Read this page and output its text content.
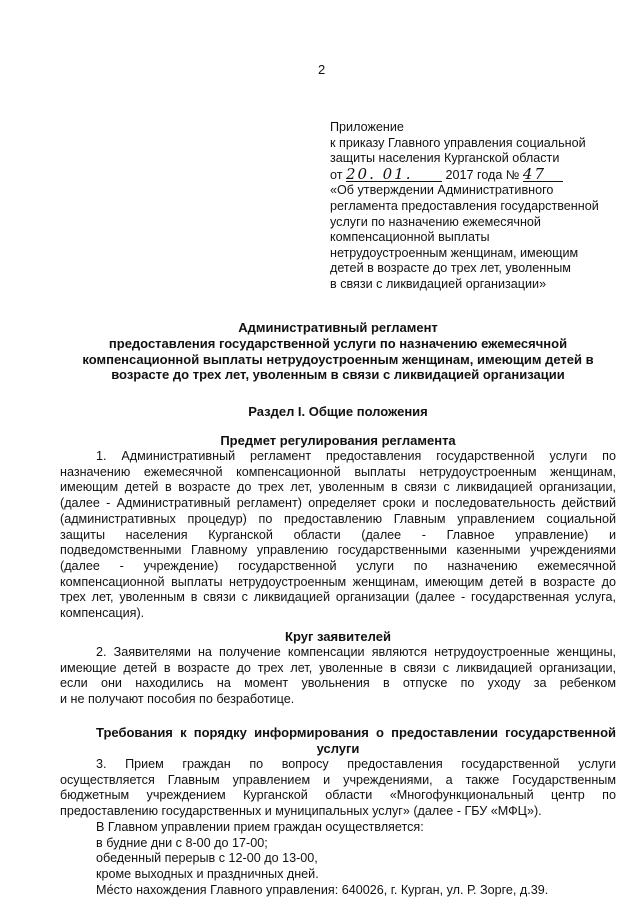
2
Приложение
к приказу Главного управления социальной
защиты населения Курганской области
от 20. 01.	2017 года № 47
«Об утверждении Административного
регламента предоставления государственной
услуги по назначению ежемесячной
компенсационной выплаты
нетрудоустроенным женщинам, имеющим
детей в возрасте до трех лет, уволенным
в связи с ликвидацией организации»
Административный регламент
предоставления государственной услуги по назначению ежемесячной
компенсационной выплаты нетрудоустроенным женщинам, имеющим детей в
возрасте до трех лет, уволенным в связи с ликвидацией организации
Раздел I. Общие положения
Предмет регулирования регламента
1. Административный регламент предоставления государственной услуги по
назначению ежемесячной компенсационной выплаты нетрудоустроенным женщинам,
имеющим детей в возрасте до трех лет, уволенным в связи с ликвидацией организации,
(далее - Административный регламент) определяет сроки и последовательность действий
(административных процедур) по предоставлению Главным управлением социальной
защиты населения Курганской области (далее - Главное управление) и
подведомственными Главному управлению государственными казенными учреждениями
(далее - учреждение) государственной услуги по назначению ежемесячной
компенсационной выплаты нетрудоустроенным женщинам, имеющим детей в возрасте до
трех лет, уволенным в связи с ликвидацией организации (далее - государственная услуга,
компенсация).
Круг заявителей
2. Заявителями на получение компенсации являются нетрудоустроенные женщины,
имеющие детей в возрасте до трех лет, уволенные в связи с ликвидацией организации,
если они находились на момент увольнения в отпуске по уходу за ребенком
и не получают пособия по безработице.
Требования к порядку информирования о предоставлении государственной
услуги
3. Прием граждан по вопросу предоставления государственной услуги
осуществляется Главным управлением и учреждениями, а также Государственным
бюджетным учреждением Курганской области «Многофункциональный центр по
предоставлению государственных и муниципальных услуг» (далее - ГБУ «МФЦ»).
В Главном управлении прием граждан осуществляется:
в будние дни с 8-00 до 17-00;
обеденный перерыв с 12-00 до 13-00,
кроме выходных и праздничных дней.
Ме́сто нахождения Главного управления: 640026, г. Курган, ул. Р. Зорге, д.39.
